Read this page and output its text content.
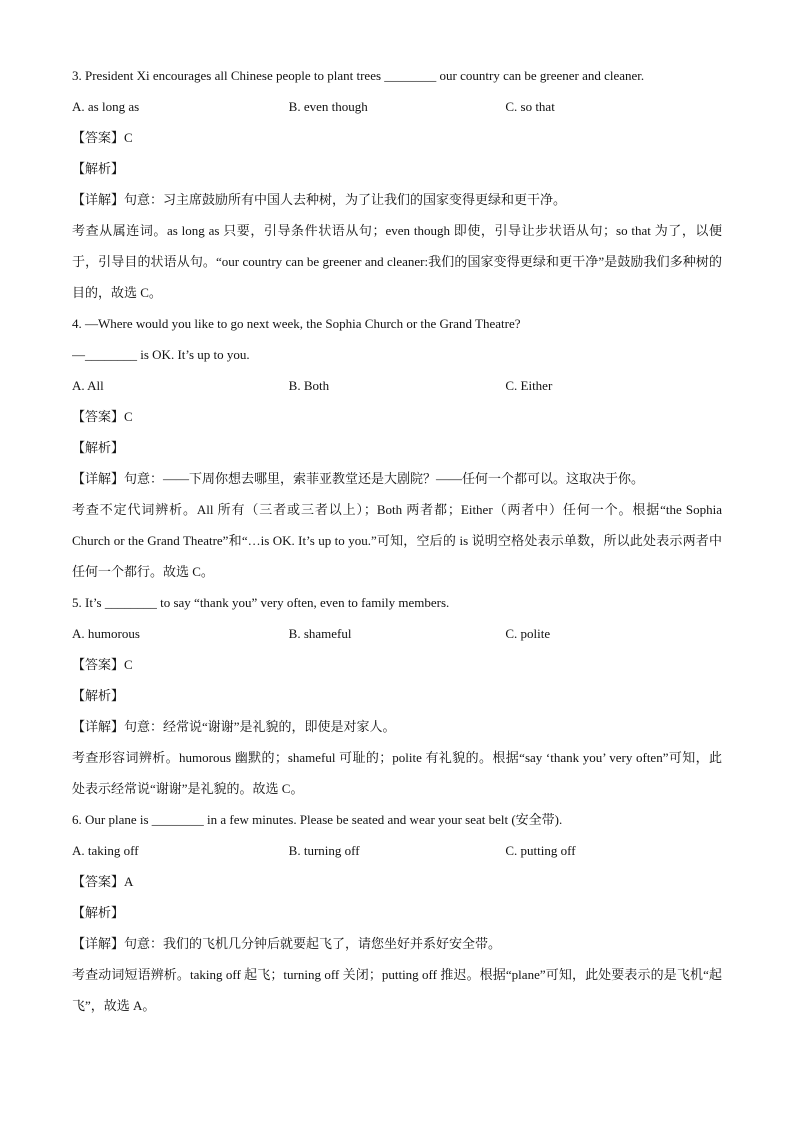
3. President Xi encourages all Chinese people to plant trees ________ our country can be greener and cleaner.
A. as long as	B. even though	C. so that
【答案】C
【解析】
【详解】句意：习主席鼓励所有中国人去种树，为了让我们的国家变得更绿和更干净。
考查从属连词。as long as 只要，引导条件状语从句；even though 即使，引导让步状语从句；so that 为了，以便于，引导目的状语从句。“our country can be greener and cleaner:我们的国家变得更绿和更干净”是鼓励我们多种树的目的，故选 C。
4. —Where would you like to go next week, the Sophia Church or the Grand Theatre?
—________ is OK. It’s up to you.
A. All	B. Both	C. Either
【答案】C
【解析】
【详解】句意：——下周你想去哪里，索菲亚教堂还是大剧院？——任何一个都可以。这取决于你。
考查不定代词辨析。All 所有（三者或三者以上）；Both 两者都；Either（两者中）任何一个。根据“the Sophia Church or the Grand Theatre”和“…is OK. It’s up to you.”可知，空后的 is 说明空格处表示单数，所以此处表示两者中任何一个都行。故选 C。
5. It’s ________ to say “thank you” very often, even to family members.
A. humorous	B. shameful	C. polite
【答案】C
【解析】
【详解】句意：经常说“谢谢”是礼貌的，即使是对家人。
考查形容词辨析。humorous 幽默的；shameful 可耻的；polite 有礼貌的。根据“say ‘thank you’ very often”可知，此处表示经常说“谢谢”是礼貌的。故选 C。
6. Our plane is ________ in a few minutes. Please be seated and wear your seat belt (安全带).
A. taking off	B. turning off	C. putting off
【答案】A
【解析】
【详解】句意：我们的飞机几分钟后就要起飞了，请您坐好并系好安全带。
考查动词短语辨析。taking off 起飞；turning off 关闭；putting off 推迟。根据“plane”可知，此处要表示的是飞机“起飞”，故选 A。
